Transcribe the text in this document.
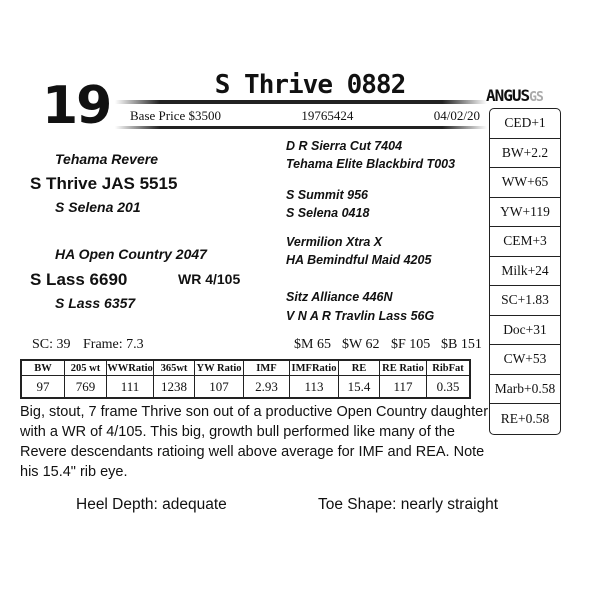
19	S Thrive 0882
Base Price $3500	19765424	04/02/20
ANGUSGS
CED+1
BW+2.2
WW+65
YW+119
CEM+3
Milk+24
SC+1.83
Doc+31
CW+53
Marb+0.58
RE+0.58
Tehama Revere
S Thrive JAS 5515
S Selena 201
HA Open Country 2047
S Lass 6690	WR 4/105
S Lass 6357
D R Sierra Cut 7404
Tehama Elite Blackbird T003
S Summit 956
S Selena 0418
Vermilion Xtra X
HA Bemindful Maid 4205
Sitz Alliance 446N
V N A R Travlin Lass 56G
SC: 39 Frame: 7.3	$M 65 $W 62 $F 105 $B 151
BW	205 wt	WWRatio	365wt	YW Ratio	IMF	IMFRatio	RE	RE Ratio	RibFat
97	769	111	1238	107	2.93	113	15.4	117	0.35
Big, stout, 7 frame Thrive son out of a productive Open Country daughter with a WR of 4/105. This big, growth bull performed like many of the Revere descendants ratioing well above average for IMF and REA. Note his 15.4" rib eye.
Heel Depth: adequate	Toe Shape: nearly straight
